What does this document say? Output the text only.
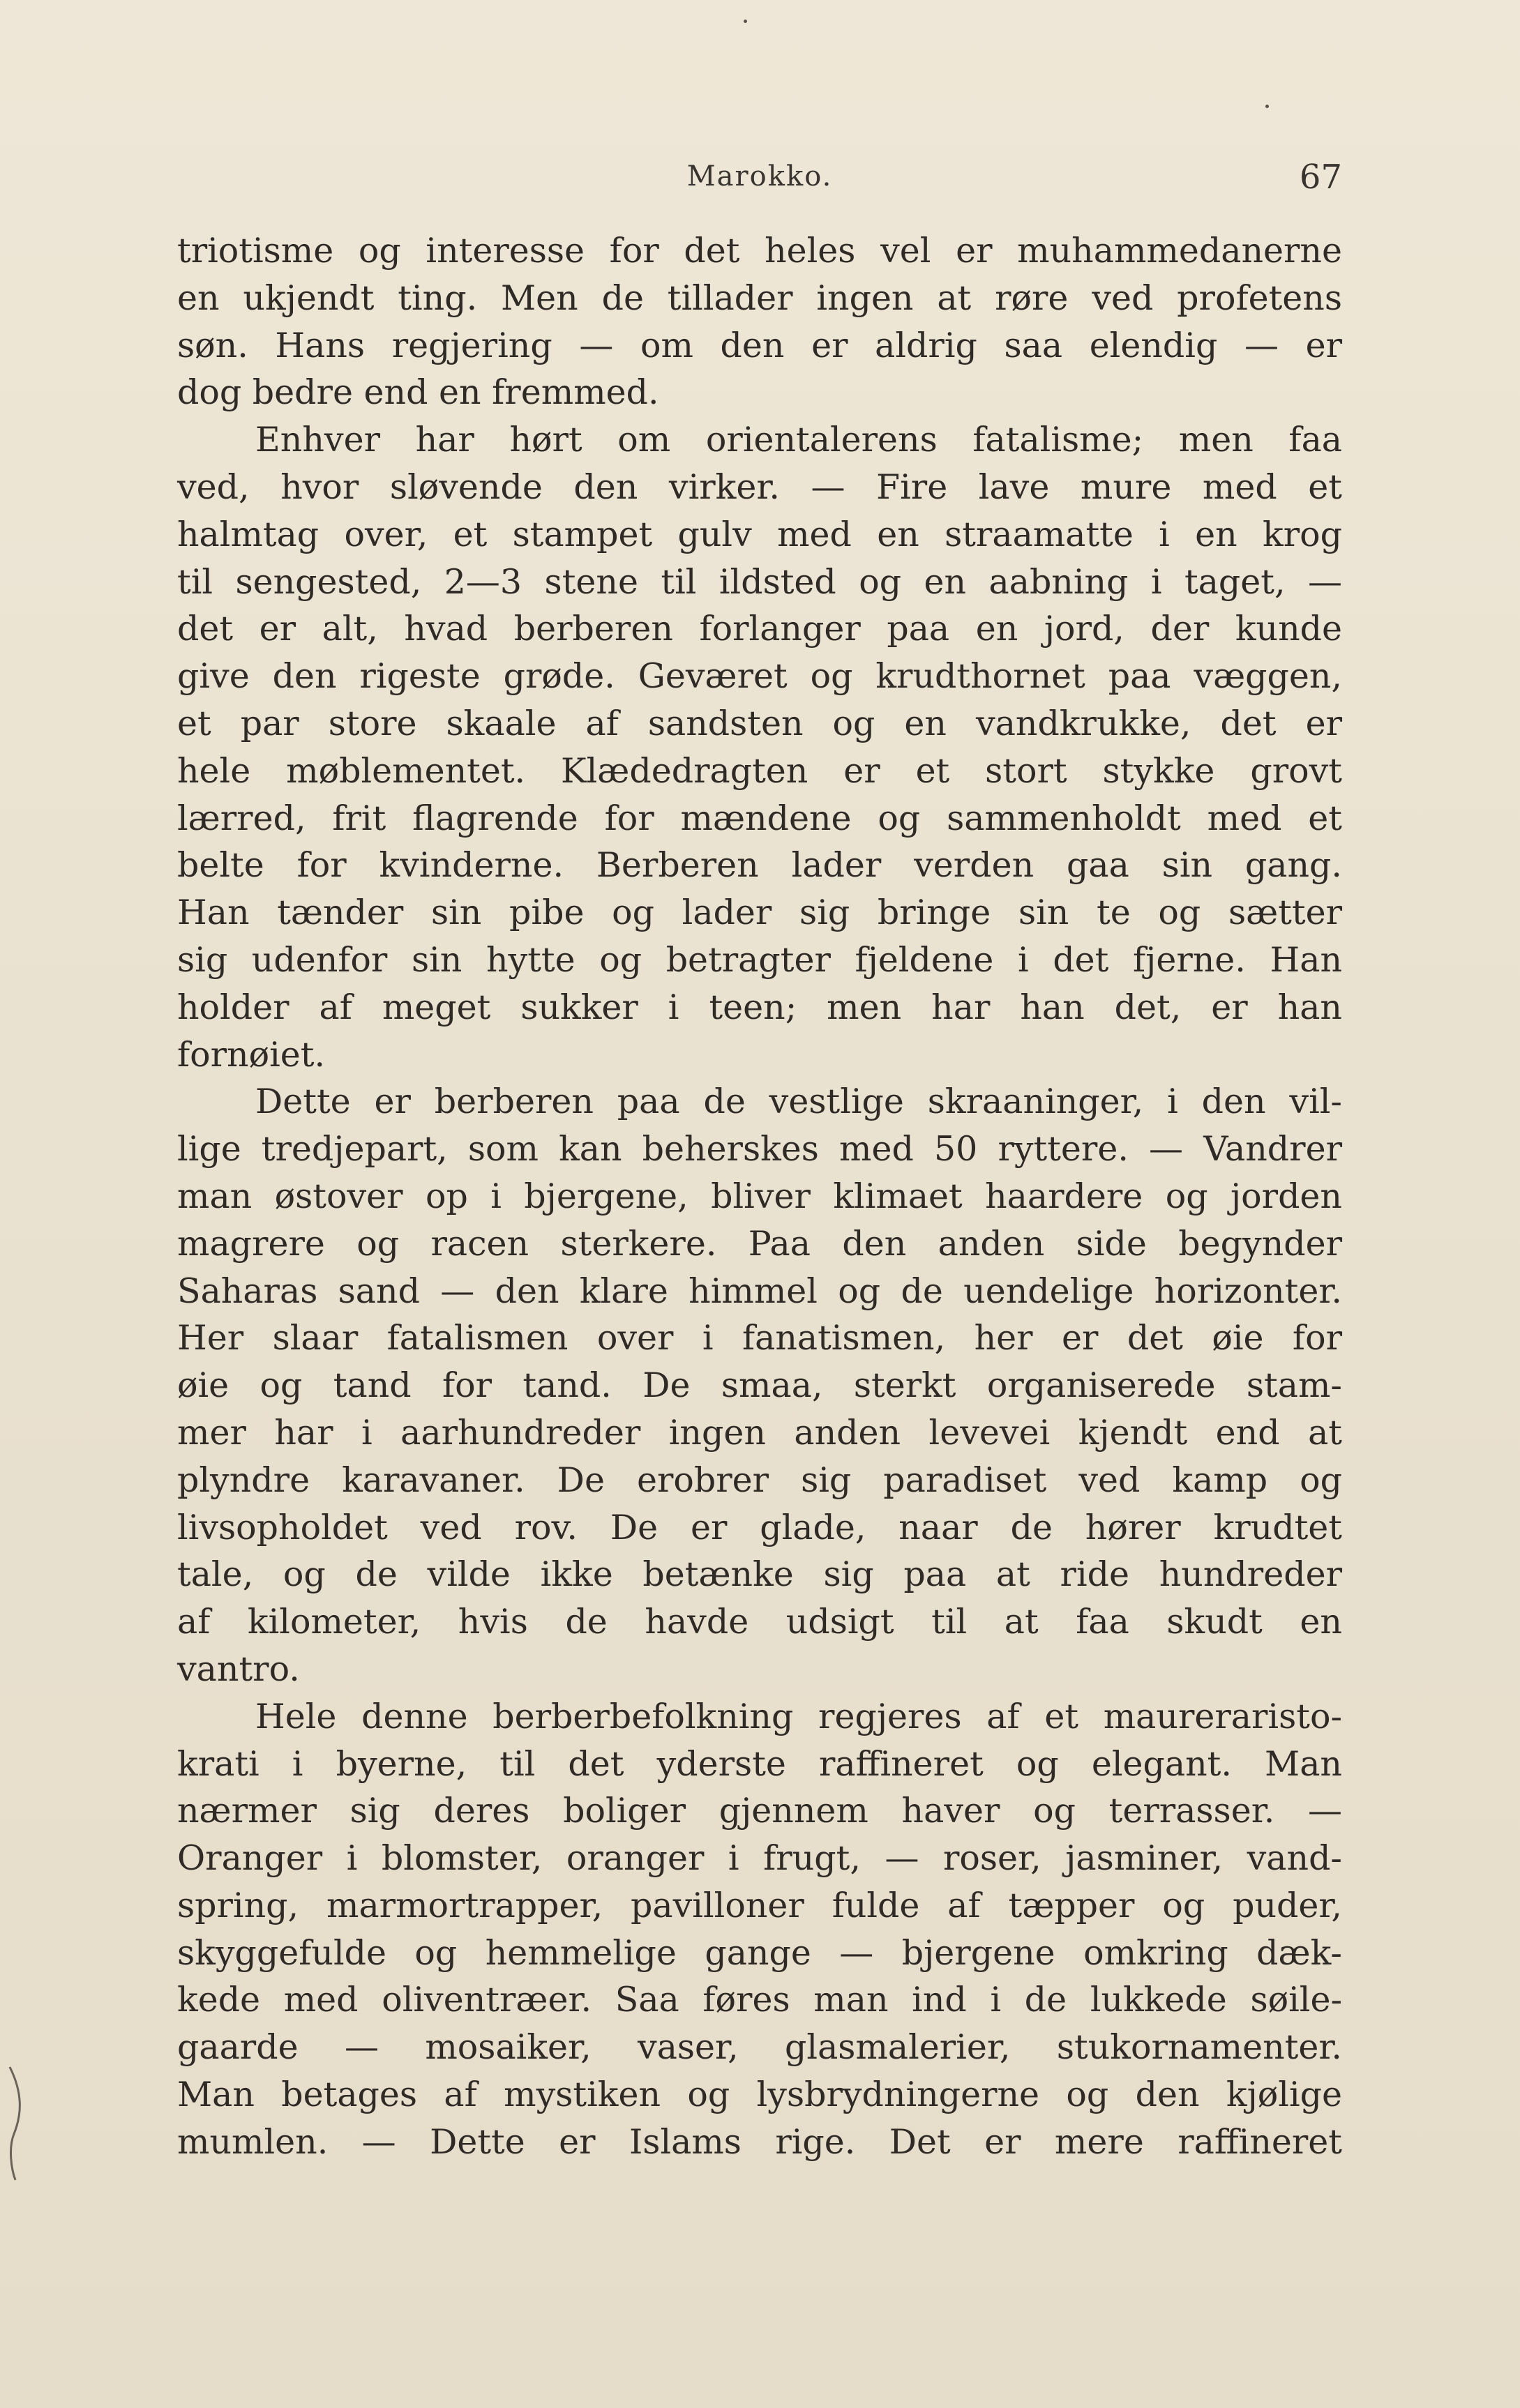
Marokko.	67
triotisme og interesse for det heles vel er muhammedanerne
en ukjendt ting. Men de tillader ingen at røre ved profetens
søn. Hans regjering — om den er aldrig saa elendig — er
dog bedre end en fremmed.
Enhver har hørt om orientalerens fatalisme; men faa
ved, hvor sløvende den virker. — Fire lave mure med et
halmtag over, et stampet gulv med en straamatte i en krog
til sengested, 2—3 stene til ildsted og en aabning i taget, —
det er alt, hvad berberen forlanger paa en jord, der kunde
give den rigeste grøde. Geværet og krudthornet paa væggen,
et par store skaale af sandsten og en vandkrukke, det er
hele møblementet. Klædedragten er et stort stykke grovt
lærred, frit flagrende for mændene og sammenholdt med et
belte for kvinderne. Berberen lader verden gaa sin gang.
Han tænder sin pibe og lader sig bringe sin te og sætter
sig udenfor sin hytte og betragter fjeldene i det fjerne. Han
holder af meget sukker i teen; men har han det, er han
fornøiet.
Dette er berberen paa de vestlige skraaninger, i den vil-
lige tredjepart, som kan beherskes med 50 ryttere. — Vandrer
man østover op i bjergene, bliver klimaet haardere og jorden
magrere og racen sterkere. Paa den anden side begynder
Saharas sand — den klare himmel og de uendelige horizonter.
Her slaar fatalismen over i fanatismen, her er det øie for
øie og tand for tand. De smaa, sterkt organiserede stam-
mer har i aarhundreder ingen anden levevei kjendt end at
plyndre karavaner. De erobrer sig paradiset ved kamp og
livsopholdet ved rov. De er glade, naar de hører krudtet
tale, og de vilde ikke betænke sig paa at ride hundreder
af kilometer, hvis de havde udsigt til at faa skudt en
vantro.
Hele denne berberbefolkning regjeres af et maureraristo-
krati i byerne, til det yderste raffineret og elegant. Man
nærmer sig deres boliger gjennem haver og terrasser. —
Oranger i blomster, oranger i frugt, — roser, jasminer, vand-
spring, marmortrapper, pavilloner fulde af tæpper og puder,
skyggefulde og hemmelige gange — bjergene omkring dæk-
kede med oliventræer. Saa føres man ind i de lukkede søile-
gaarde — mosaiker, vaser, glasmalerier, stukornamenter.
Man betages af mystiken og lysbrydningerne og den kjølige
mumlen. — Dette er Islams rige. Det er mere raffineret
